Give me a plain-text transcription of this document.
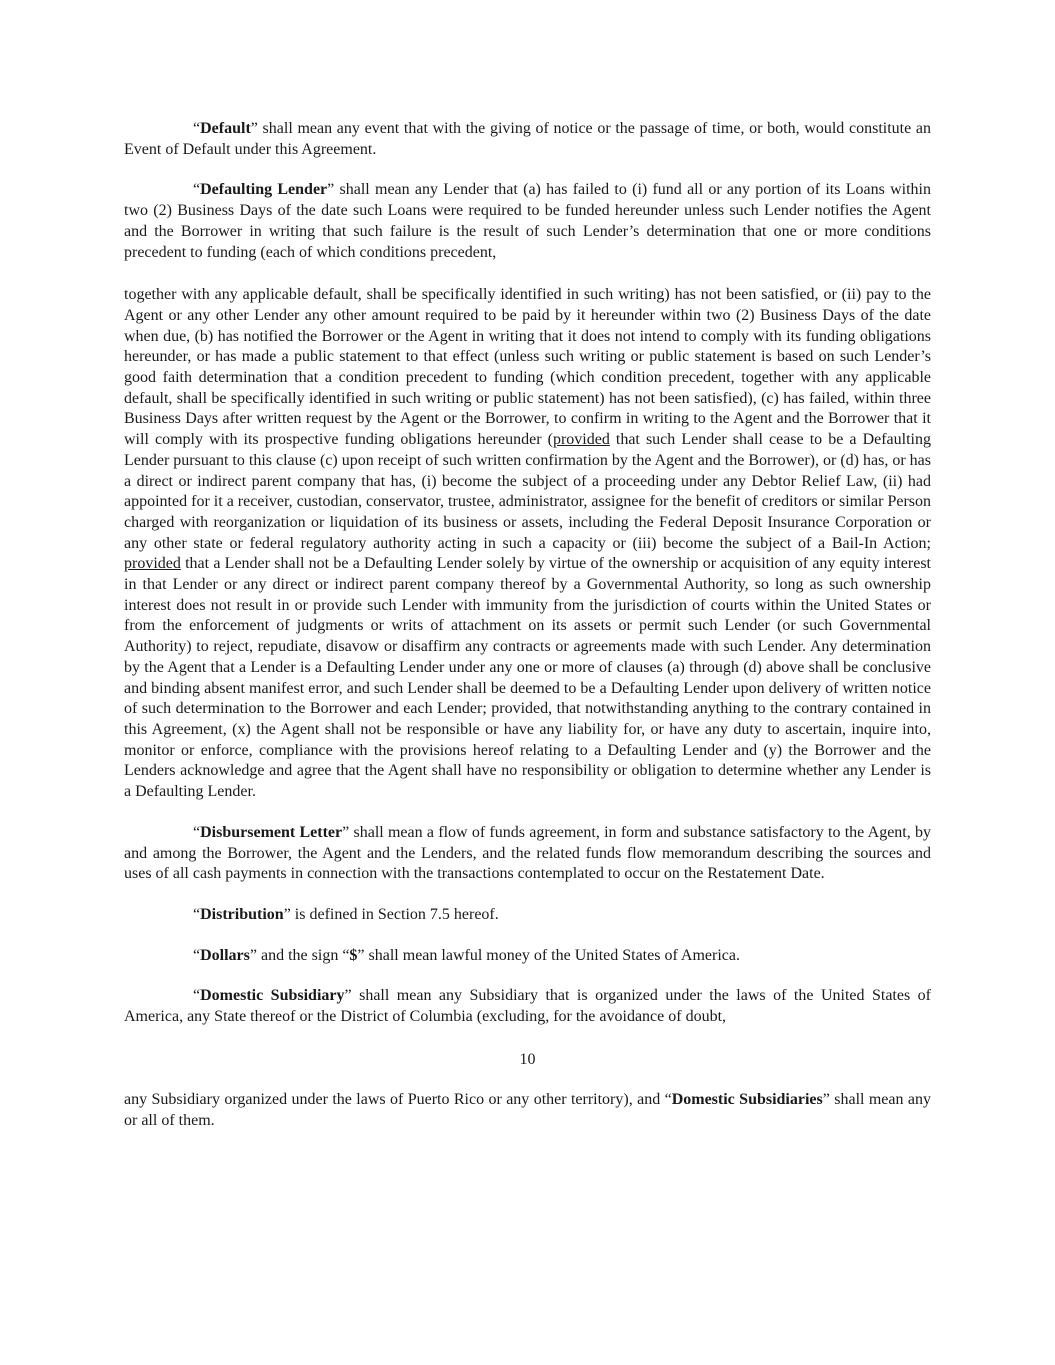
“Default” shall mean any event that with the giving of notice or the passage of time, or both, would constitute an Event of Default under this Agreement.

“Defaulting Lender” shall mean any Lender that (a) has failed to (i) fund all or any portion of its Loans within two (2) Business Days of the date such Loans were required to be funded hereunder unless such Lender notifies the Agent and the Borrower in writing that such failure is the result of such Lender’s determination that one or more conditions precedent to funding (each of which conditions precedent,

together with any applicable default, shall be specifically identified in such writing) has not been satisfied, or (ii) pay to the Agent or any other Lender any other amount required to be paid by it hereunder within two (2) Business Days of the date when due, (b) has notified the Borrower or the Agent in writing that it does not intend to comply with its funding obligations hereunder, or has made a public statement to that effect (unless such writing or public statement is based on such Lender’s good faith determination that a condition precedent to funding (which condition precedent, together with any applicable default, shall be specifically identified in such writing or public statement) has not been satisfied), (c) has failed, within three Business Days after written request by the Agent or the Borrower, to confirm in writing to the Agent and the Borrower that it will comply with its prospective funding obligations hereunder (provided that such Lender shall cease to be a Defaulting Lender pursuant to this clause (c) upon receipt of such written confirmation by the Agent and the Borrower), or (d) has, or has a direct or indirect parent company that has, (i) become the subject of a proceeding under any Debtor Relief Law, (ii) had appointed for it a receiver, custodian, conservator, trustee, administrator, assignee for the benefit of creditors or similar Person charged with reorganization or liquidation of its business or assets, including the Federal Deposit Insurance Corporation or any other state or federal regulatory authority acting in such a capacity or (iii) become the subject of a Bail-In Action; provided that a Lender shall not be a Defaulting Lender solely by virtue of the ownership or acquisition of any equity interest in that Lender or any direct or indirect parent company thereof by a Governmental Authority, so long as such ownership interest does not result in or provide such Lender with immunity from the jurisdiction of courts within the United States or from the enforcement of judgments or writs of attachment on its assets or permit such Lender (or such Governmental Authority) to reject, repudiate, disavow or disaffirm any contracts or agreements made with such Lender. Any determination by the Agent that a Lender is a Defaulting Lender under any one or more of clauses (a) through (d) above shall be conclusive and binding absent manifest error, and such Lender shall be deemed to be a Defaulting Lender upon delivery of written notice of such determination to the Borrower and each Lender; provided, that notwithstanding anything to the contrary contained in this Agreement, (x) the Agent shall not be responsible or have any liability for, or have any duty to ascertain, inquire into, monitor or enforce, compliance with the provisions hereof relating to a Defaulting Lender and (y) the Borrower and the Lenders acknowledge and agree that the Agent shall have no responsibility or obligation to determine whether any Lender is a Defaulting Lender.

“Disbursement Letter” shall mean a flow of funds agreement, in form and substance satisfactory to the Agent, by and among the Borrower, the Agent and the Lenders, and the related funds flow memorandum describing the sources and uses of all cash payments in connection with the transactions contemplated to occur on the Restatement Date.

“Distribution” is defined in Section 7.5 hereof.

“Dollars” and the sign “$” shall mean lawful money of the United States of America.

“Domestic Subsidiary” shall mean any Subsidiary that is organized under the laws of the United States of America, any State thereof or the District of Columbia (excluding, for the avoidance of doubt,

10

any Subsidiary organized under the laws of Puerto Rico or any other territory), and “Domestic Subsidiaries” shall mean any or all of them.
